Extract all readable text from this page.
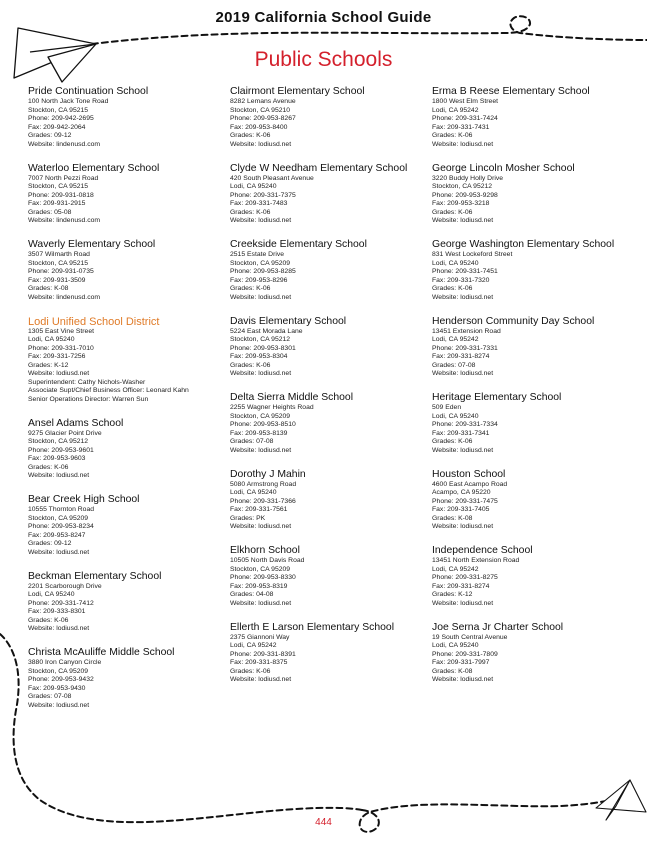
2019 California School Guide
Public Schools
Pride Continuation School
100 North Jack Tone Road
Stockton, CA 95215
Phone: 209-942-2695
Fax: 209-942-2064
Grades: 09-12
Website: lindenusd.com
Waterloo Elementary School
7007 North Pezzi Road
Stockton, CA 95215
Phone: 209-931-0818
Fax: 209-931-2915
Grades: 05-08
Website: lindenusd.com
Waverly Elementary School
3507 Wilmarth Road
Stockton, CA 95215
Phone: 209-931-0735
Fax: 209-931-3509
Grades: K-08
Website: lindenusd.com
Lodi Unified School District
1305 East Vine Street
Lodi, CA 95240
Phone: 209-331-7010
Fax: 209-331-7256
Grades: K-12
Website: lodiusd.net
Superintendent: Cathy Nichols-Washer
Associate Supt/Chief Business Officer: Leonard Kahn
Senior Operations Director: Warren Sun
Ansel Adams School
9275 Glacier Point Drive
Stockton, CA 95212
Phone: 209-953-9601
Fax: 209-953-9603
Grades: K-06
Website: lodiusd.net
Bear Creek High School
10555 Thornton Road
Stockton, CA 95209
Phone: 209-953-8234
Fax: 209-953-8247
Grades: 09-12
Website: lodiusd.net
Beckman Elementary School
2201 Scarborough Drive
Lodi, CA 95240
Phone: 209-331-7412
Fax: 209-333-8301
Grades: K-06
Website: lodiusd.net
Christa McAuliffe Middle School
3880 Iron Canyon Circle
Stockton, CA 95209
Phone: 209-953-9432
Fax: 209-953-9430
Grades: 07-08
Website: lodiusd.net
Clairmont Elementary School
8282 Lemans Avenue
Stockton, CA 95210
Phone: 209-953-8267
Fax: 209-953-8400
Grades: K-06
Website: lodiusd.net
Clyde W Needham Elementary School
420 South Pleasant Avenue
Lodi, CA 95240
Phone: 209-331-7375
Fax: 209-331-7483
Grades: K-06
Website: lodiusd.net
Creekside Elementary School
2515 Estate Drive
Stockton, CA 95209
Phone: 209-953-8285
Fax: 209-953-8296
Grades: K-06
Website: lodiusd.net
Davis Elementary School
5224 East Morada Lane
Stockton, CA 95212
Phone: 209-953-8301
Fax: 209-953-8304
Grades: K-06
Website: lodiusd.net
Delta Sierra Middle School
2255 Wagner Heights Road
Stockton, CA 95209
Phone: 209-953-8510
Fax: 209-953-8139
Grades: 07-08
Website: lodiusd.net
Dorothy J Mahin
5080 Armstrong Road
Lodi, CA 95240
Phone: 209-331-7366
Fax: 209-331-7561
Grades: PK
Website: lodiusd.net
Elkhorn School
10505 North Davis Road
Stockton, CA 95209
Phone: 209-953-8330
Fax: 209-953-8319
Grades: 04-08
Website: lodiusd.net
Ellerth E Larson Elementary School
2375 Giannoni Way
Lodi, CA 95242
Phone: 209-331-8391
Fax: 209-331-8375
Grades: K-06
Website: lodiusd.net
Erma B Reese Elementary School
1800 West Elm Street
Lodi, CA 95242
Phone: 209-331-7424
Fax: 209-331-7431
Grades: K-06
Website: lodiusd.net
George Lincoln Mosher School
3220 Buddy Holly Drive
Stockton, CA 95212
Phone: 209-953-9298
Fax: 209-953-3218
Grades: K-06
Website: lodiusd.net
George Washington Elementary School
831 West Lockeford Street
Lodi, CA 95240
Phone: 209-331-7451
Fax: 209-331-7320
Grades: K-06
Website: lodiusd.net
Henderson Community Day School
13451 Extension Road
Lodi, CA 95242
Phone: 209-331-7331
Fax: 209-331-8274
Grades: 07-08
Website: lodiusd.net
Heritage Elementary School
509 Eden
Lodi, CA 95240
Phone: 209-331-7334
Fax: 209-331-7341
Grades: K-06
Website: lodiusd.net
Houston School
4600 East Acampo Road
Acampo, CA 95220
Phone: 209-331-7475
Fax: 209-331-7405
Grades: K-08
Website: lodiusd.net
Independence School
13451 North Extension Road
Lodi, CA 95242
Phone: 209-331-8275
Fax: 209-331-8274
Grades: K-12
Website: lodiusd.net
Joe Serna Jr Charter School
19 South Central Avenue
Lodi, CA 95240
Phone: 209-331-7809
Fax: 209-331-7997
Grades: K-08
Website: lodiusd.net
444
